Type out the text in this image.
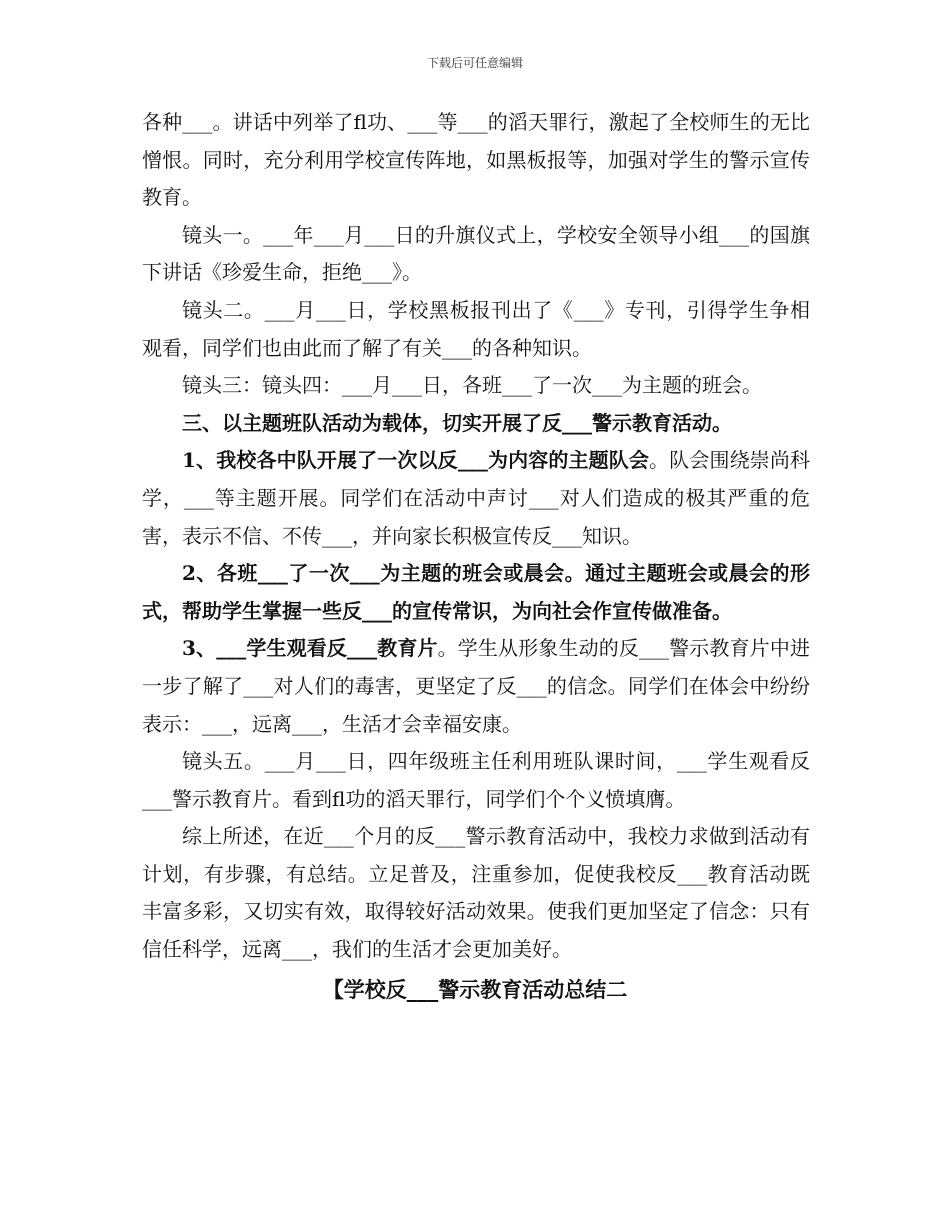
下载后可任意编辑

各种___。讲话中列举了fl功、___等___的滔天罪行，激起了全校师生的无比憎恨。同时，充分利用学校宣传阵地，如黑板报等，加强对学生的警示宣传教育。

镜头一。___年___月___日的升旗仪式上，学校安全领导小组___的国旗下讲话《珍爱生命，拒绝___》。

镜头二。___月___日，学校黑板报刊出了《___》专刊，引得学生争相观看，同学们也由此而了解了有关___的各种知识。

镜头三：镜头四：___月___日，各班___了一次___为主题的班会。

三、以主题班队活动为载体，切实开展了反___警示教育活动。

1、我校各中队开展了一次以反___为内容的主题队会。队会围绕崇尚科学，___等主题开展。同学们在活动中声讨___对人们造成的极其严重的危害，表示不信、不传___，并向家长积极宣传反___知识。

2、各班___了一次___为主题的班会或晨会。通过主题班会或晨会的形式，帮助学生掌握一些反___的宣传常识，为向社会作宣传做准备。

3、___学生观看反___教育片。学生从形象生动的反___警示教育片中进一步了解了___对人们的毒害，更坚定了反___的信念。同学们在体会中纷纷表示：___，远离___，生活才会幸福安康。

镜头五。___月___日，四年级班主任利用班队课时间，___学生观看反___警示教育片。看到fl功的滔天罪行，同学们个个义愤填膺。

综上所述，在近___个月的反___警示教育活动中，我校力求做到活动有计划，有步骤，有总结。立足普及，注重参加，促使我校反___教育活动既丰富多彩，又切实有效，取得较好活动效果。使我们更加坚定了信念：只有信任科学，远离___，我们的生活才会更加美好。

【学校反___警示教育活动总结二
